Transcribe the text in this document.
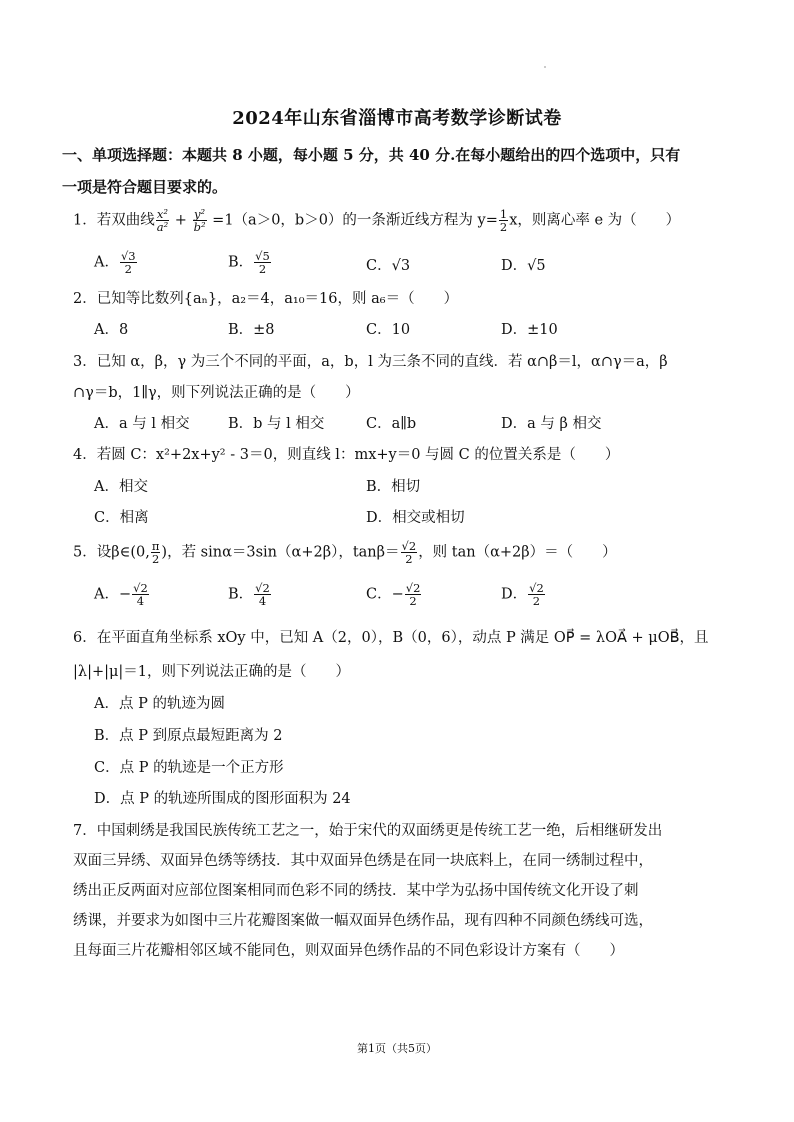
2024年山东省淄博市高考数学诊断试卷
一、单项选择题：本题共 8 小题，每小题 5 分，共 40 分.在每小题给出的四个选项中，只有
一项是符合题目要求的。
1．若双曲线 $\frac{\text{x²}}{\text{a²}} + \frac{\text{y²}}{\text{b²}} =1(a>0$，b＞0）的一条渐近线方程为 $y= \frac{1}{2}$ x，则离心率 e 为（　　）
A． $\frac{√3}{2}$	B． $\frac{√5}{2}$	C．√3	D．√5
2．已知等比数列{aₙ}，a₂＝4，a₁₀＝16，则 a₆＝（　　）
A．8	B．±8	C．10	D．±10
3．已知 α，β，γ 为三个不同的平面，a，b，l 为三条不同的直线．若 α∩β＝l，α∩γ＝a，β
∩γ＝b，1∥γ，则下列说法正确的是（　　）
A．a 与 l 相交	B．b 与 l 相交	C．a∥b	D．a 与 β 相交
4．若圆 C：x²+2x+y² - 3＝0，则直线 l：mx+y＝0 与圆 C 的位置关系是（　　）
A．相交	B．相切
C．相离	D．相交或相切
5．设β∈(0, $\frac{\pi}{2}$ )，若 sinα＝3sin（α+2β），$\tan\beta= \frac{√2}{2}$ ，则 tan（α+2β）＝（　　）
A．− $\frac{√2}{4}$	B． $\frac{√2}{4}$	C．− $\frac{√2}{2}$	D． $\frac{√2}{2}$
6．在平面直角坐标系 xOy 中，已知 A（2，0），B（0，6），动点 P 满足 OP⃗ = λOA⃗ + μOB⃗，且
|λ|+|μ|＝1，则下列说法正确的是（　　）
A．点 P 的轨迹为圆
B．点 P 到原点最短距离为 2
C．点 P 的轨迹是一个正方形
D．点 P 的轨迹所围成的图形面积为 24
7．中国刺绣是我国民族传统工艺之一，始于宋代的双面绣更是传统工艺一绝，后相继研发出
双面三异绣、双面异色绣等绣技．其中双面异色绣是在同一块底料上，在同一绣制过程中，
绣出正反两面对应部位图案相同而色彩不同的绣技．某中学为弘扬中国传统文化开设了刺
绣课，并要求为如图中三片花瓣图案做一幅双面异色绣作品，现有四种不同颜色绣线可选，
且每面三片花瓣相邻区域不能同色，则双面异色绣作品的不同色彩设计方案有（　　）
第1页（共5页）
